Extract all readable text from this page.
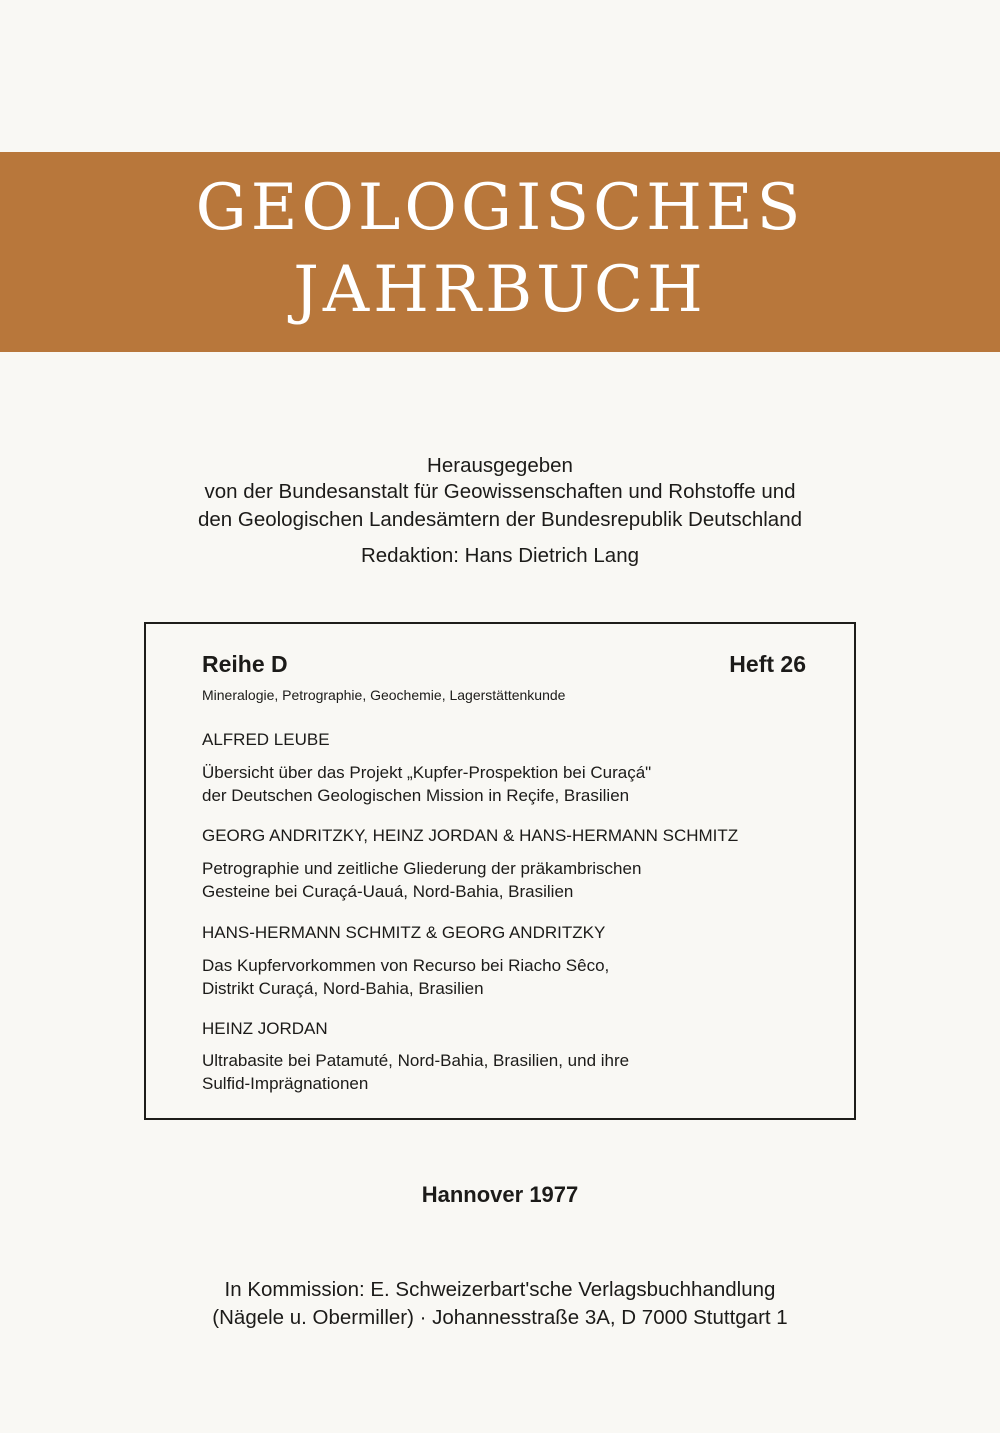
GEOLOGISCHES
JAHRBUCH
Herausgegeben
von der Bundesanstalt für Geowissenschaften und Rohstoffe und
den Geologischen Landesämtern der Bundesrepublik Deutschland
Redaktion: Hans Dietrich Lang
Reihe D	Heft 26
Mineralogie, Petrographie, Geochemie, Lagerstättenkunde
ALFRED LEUBE
Übersicht über das Projekt „Kupfer-Prospektion bei Curaçá"
der Deutschen Geologischen Mission in Reçife, Brasilien
GEORG ANDRITZKY, HEINZ JORDAN & HANS-HERMANN SCHMITZ
Petrographie und zeitliche Gliederung der präkambrischen
Gesteine bei Curaçá-Uauá, Nord-Bahia, Brasilien
HANS-HERMANN SCHMITZ & GEORG ANDRITZKY
Das Kupfervorkommen von Recurso bei Riacho Sêco,
Distrikt Curaçá, Nord-Bahia, Brasilien
HEINZ JORDAN
Ultrabasite bei Patamuté, Nord-Bahia, Brasilien, und ihre
Sulfid-Imprägnationen
Hannover 1977
In Kommission: E. Schweizerbart'sche Verlagsbuchhandlung
(Nägele u. Obermiller) · Johannesstraße 3A, D 7000 Stuttgart 1
